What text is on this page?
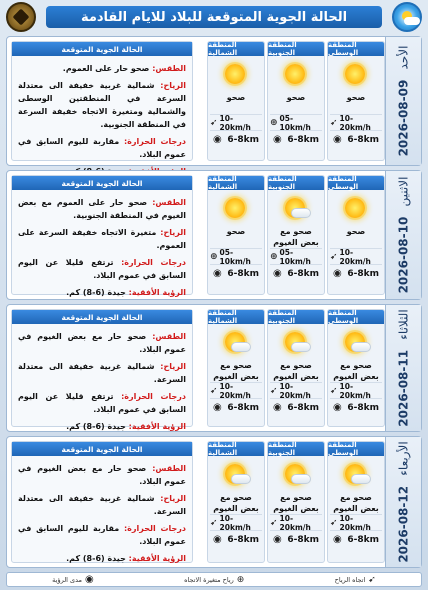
الحالة الجوية المتوقعة للبلاد للايام القادمة
2026-08-09 الأحد
المنطقة الوسطى
صحو
➹ 10-20km/h
◉ 6-8km
المنطقة الجنوبية
صحو
⊕ 05-10km/h
◉ 6-8km
المنطقة الشمالية
صحو
➹ 10-20km/h
◉ 6-8km
الحالة الجوية المتوقعة

الطقس: صحو حار على العموم.

الرياح: شمالية غربية خفيفة الى معتدلة السرعة في المنطقتين الوسطى والشمالية ومتغيرة الاتجاه خفيفة السرعة في المنطقة الجنوبية.

درجات الحرارة: مقاربة لليوم السابق في عموم البلاد.

2026-08-10 الاثنين
المنطقة الوسطى
صحو
➹ 10-20km/h
◉ 6-8km
المنطقة الجنوبية
صحو مع بعض الغيوم
⊕ 05-10km/h
◉ 6-8km
المنطقة الشمالية
صحو
⊕ 05-10km/h
◉ 6-8km
الحالة الجوية المتوقعة

الطقس: صحو حار على العموم مع بعض الغيوم في المنطقة الجنوبية.

الرياح: متغيرة الاتجاه خفيفة السرعة على العموم.

درجات الحرارة: ترتفع قليلا عن اليوم السابق في عموم البلاد.

الرؤية الأفقية: جيدة (6-8) كم.

2026-08-11 الثلاثاء
المنطقة الوسطى
صحو مع بعض الغيوم
➹ 10-20km/h
◉ 6-8km
المنطقة الجنوبية
صحو مع بعض الغيوم
➹ 10-20km/h
◉ 6-8km
المنطقة الشمالية
صحو مع بعض الغيوم
➹ 10-20km/h
◉ 6-8km
الحالة الجوية المتوقعة

الطقس: صحو حار مع بعض الغيوم في عموم البلاد.

الرياح: شمالية غربية خفيفة الى معتدلة السرعة.

درجات الحرارة: ترتفع قليلا عن اليوم السابق في عموم البلاد.

الرؤية الأفقية: جيدة (6-8) كم.

2026-08-12 الأربعاء
المنطقة الوسطى
صحو مع بعض الغيوم
➹ 10-20km/h
◉ 6-8km
المنطقة الجنوبية
صحو مع بعض الغيوم
➹ 10-20km/h
◉ 6-8km
المنطقة الشمالية
صحو مع بعض الغيوم
➹ 10-20km/h
◉ 6-8km
الحالة الجوية المتوقعة

الطقس: صحو حار مع بعض الغيوم في عموم البلاد.

الرياح: شمالية غربية خفيفة الى معتدلة السرعة.

درجات الحرارة: مقاربة لليوم السابق في عموم البلاد.

الرؤية الأفقية: جيدة (6-8) كم.

➹
اتجاه الرياح
⊕
رياح متغيرة الاتجاه
◉
مدى الرؤية
